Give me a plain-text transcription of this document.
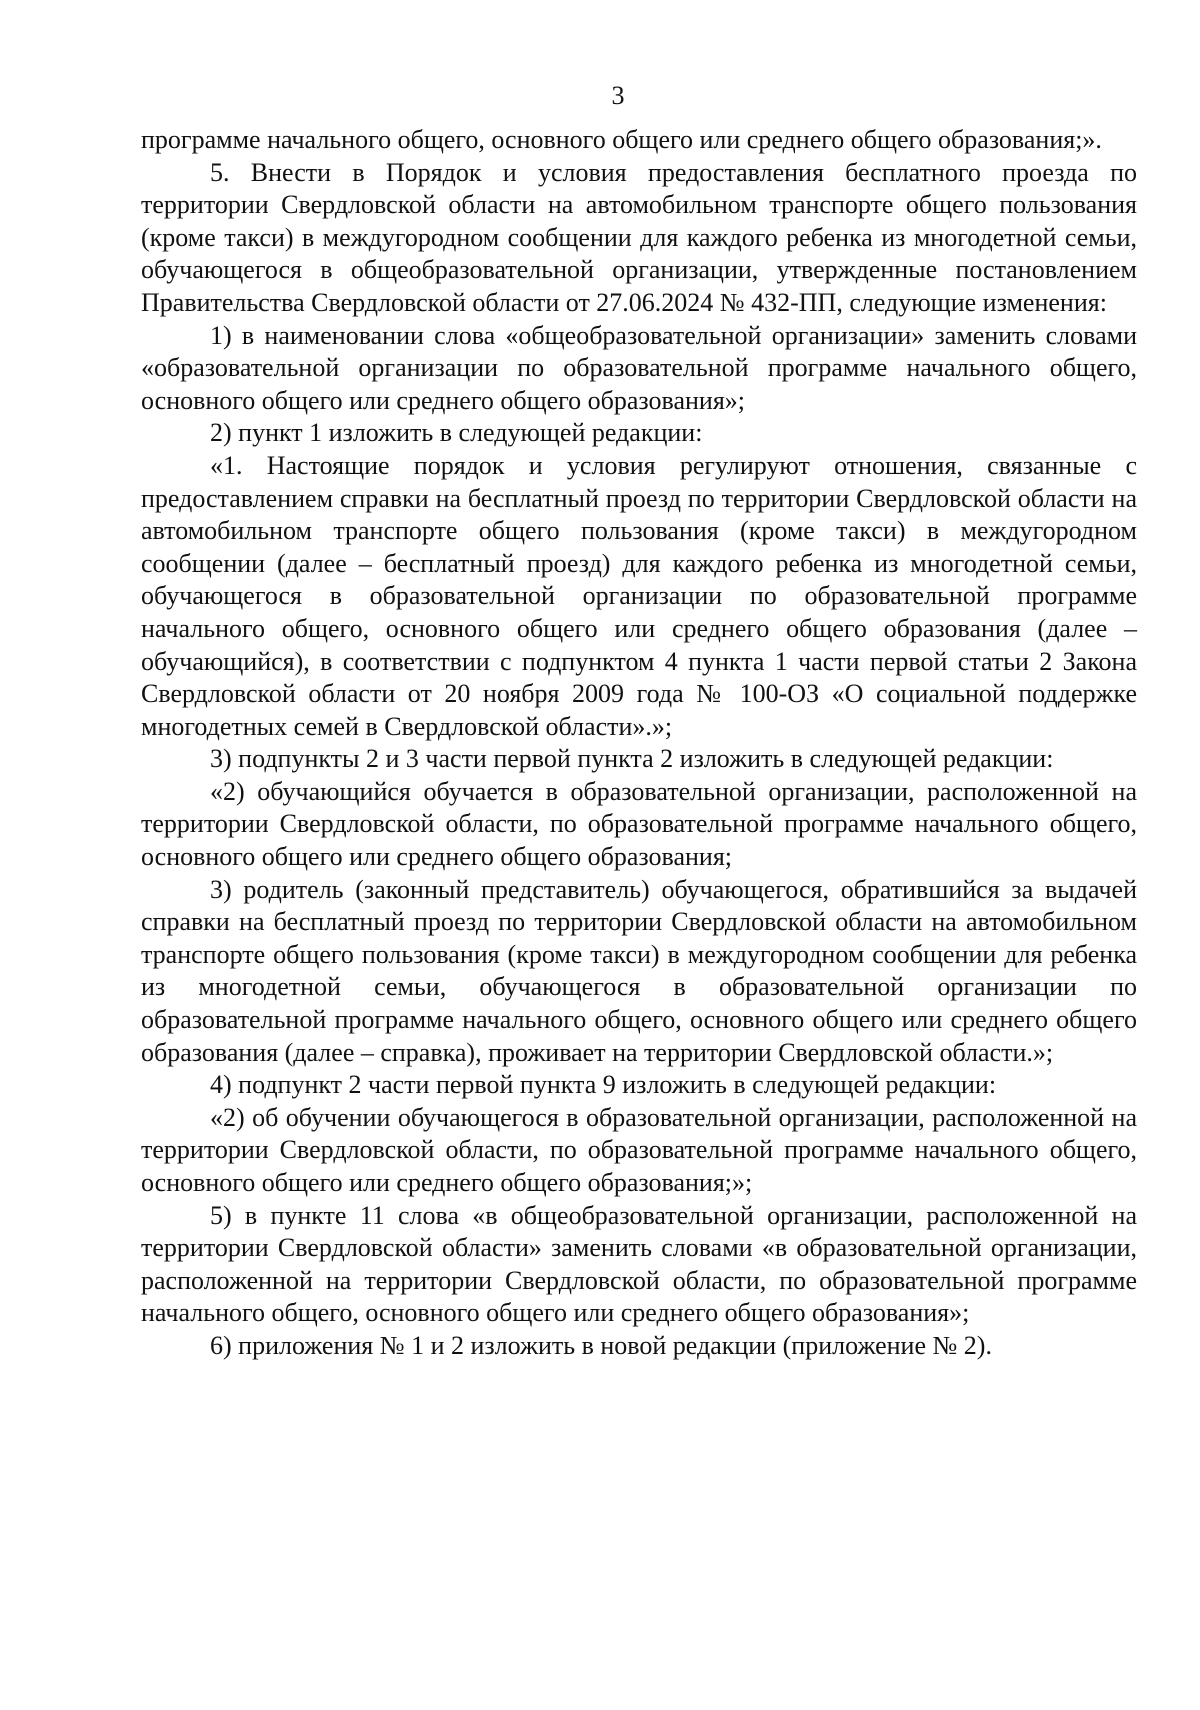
3

программе начального общего, основного общего или среднего общего образования;».

5. Внести в Порядок и условия предоставления бесплатного проезда по территории Свердловской области на автомобильном транспорте общего пользования (кроме такси) в междугородном сообщении для каждого ребенка из многодетной семьи, обучающегося в общеобразовательной организации, утвержденные постановлением Правительства Свердловской области от 27.06.2024 № 432-ПП, следующие изменения:

1) в наименовании слова «общеобразовательной организации» заменить словами «образовательной организации по образовательной программе начального общего, основного общего или среднего общего образования»;

2) пункт 1 изложить в следующей редакции:

«1. Настоящие порядок и условия регулируют отношения, связанные с предоставлением справки на бесплатный проезд по территории Свердловской области на автомобильном транспорте общего пользования (кроме такси) в междугородном сообщении (далее – бесплатный проезд) для каждого ребенка из многодетной семьи, обучающегося в образовательной организации по образовательной программе начального общего, основного общего или среднего общего образования (далее – обучающийся), в соответствии с подпунктом 4 пункта 1 части первой статьи 2 Закона Свердловской области от 20 ноября 2009 года № 100-ОЗ «О социальной поддержке многодетных семей в Свердловской области».»;

3) подпункты 2 и 3 части первой пункта 2 изложить в следующей редакции:

«2) обучающийся обучается в образовательной организации, расположенной на территории Свердловской области, по образовательной программе начального общего, основного общего или среднего общего образования;

3) родитель (законный представитель) обучающегося, обратившийся за выдачей справки на бесплатный проезд по территории Свердловской области на автомобильном транспорте общего пользования (кроме такси) в междугородном сообщении для ребенка из многодетной семьи, обучающегося в образовательной организации по образовательной программе начального общего, основного общего или среднего общего образования (далее – справка), проживает на территории Свердловской области.»;

4) подпункт 2 части первой пункта 9 изложить в следующей редакции:

«2) об обучении обучающегося в образовательной организации, расположенной на территории Свердловской области, по образовательной программе начального общего, основного общего или среднего общего образования;»;

5) в пункте 11 слова «в общеобразовательной организации, расположенной на территории Свердловской области» заменить словами «в образовательной организации, расположенной на территории Свердловской области, по образовательной программе начального общего, основного общего или среднего общего образования»;

6) приложения № 1 и 2 изложить в новой редакции (приложение № 2).
